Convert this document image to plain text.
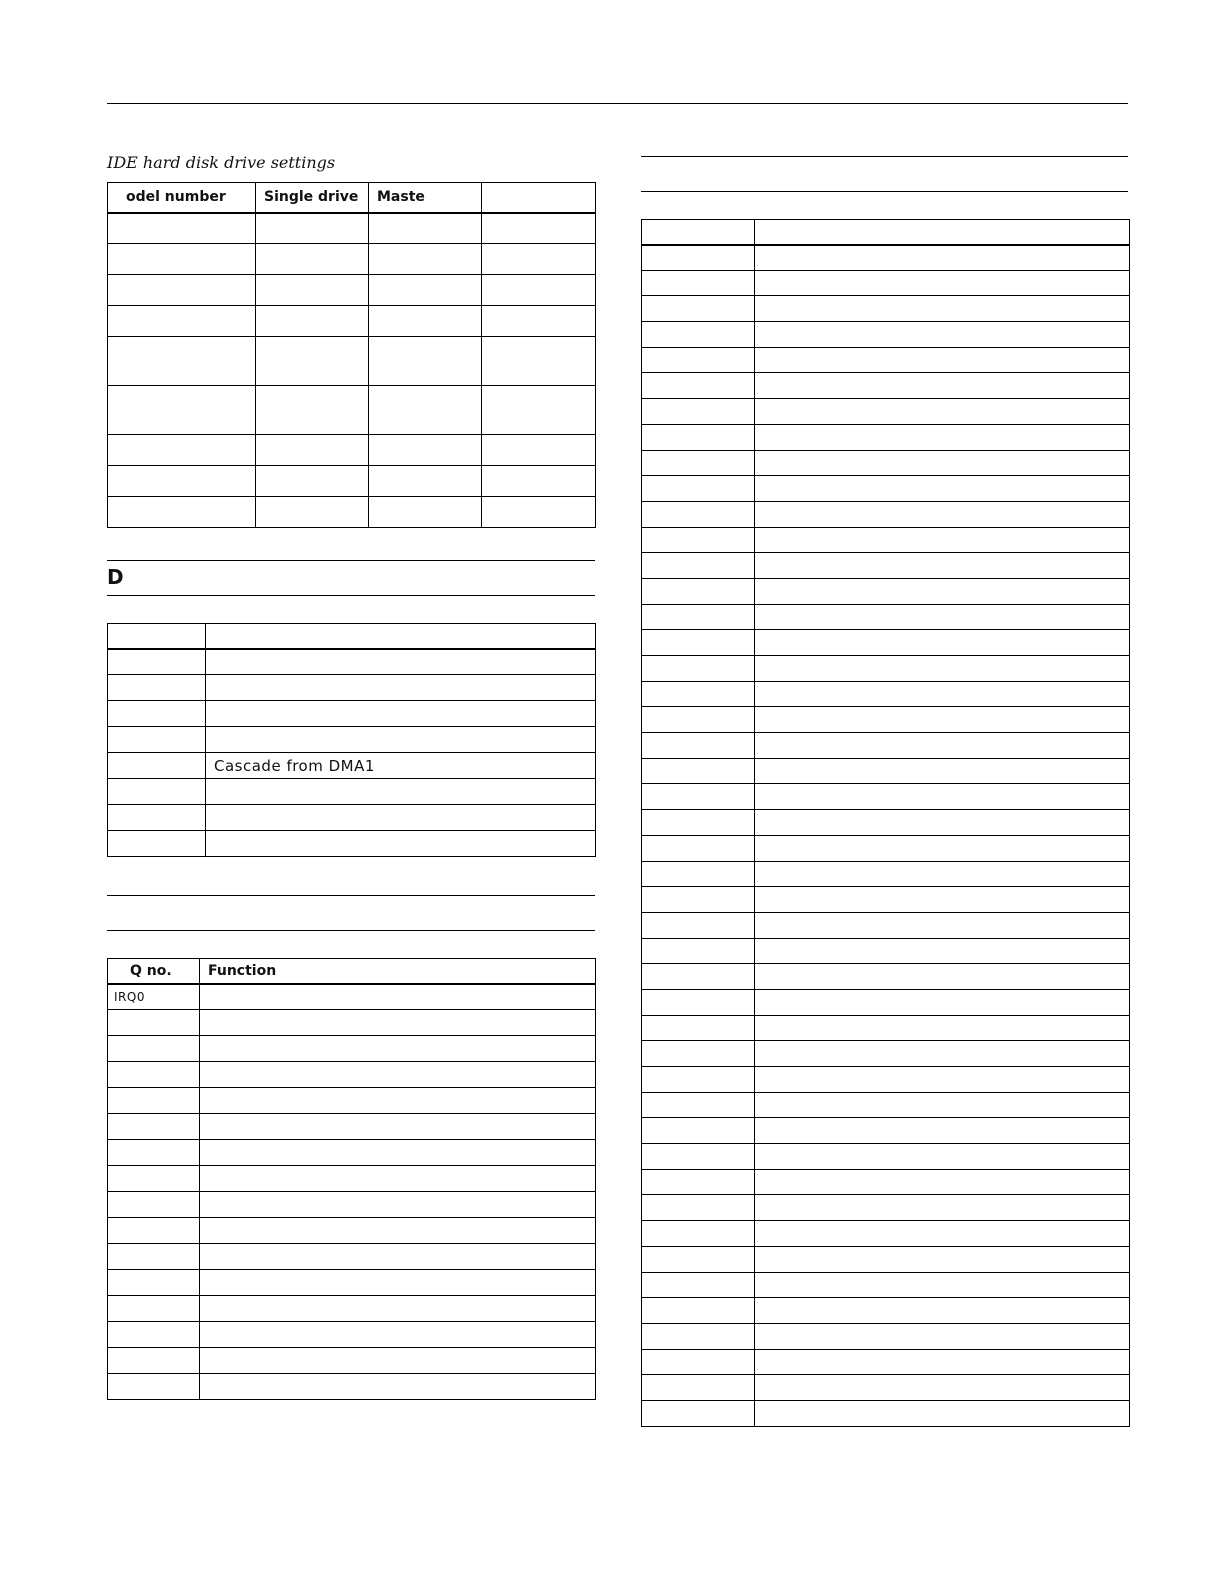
IDE hard disk drive settings
odel number	Single drive	Maste	

D

	Cascade from DMA1

Q no.	Function
IRQ0	
